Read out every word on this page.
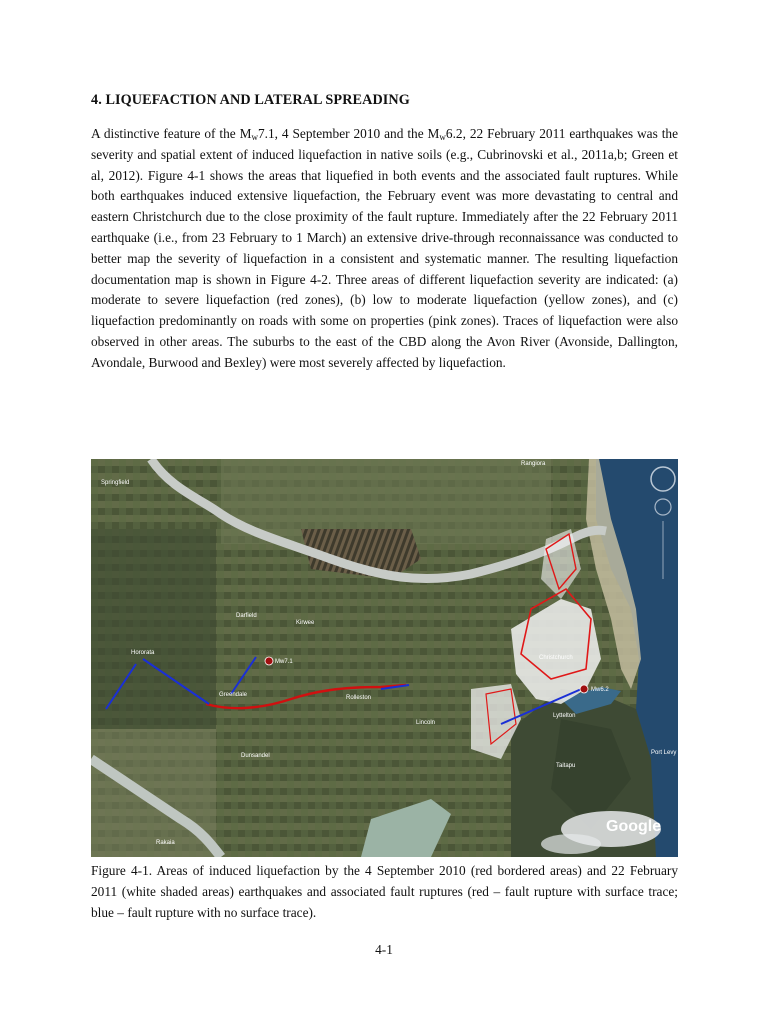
4. LIQUEFACTION AND LATERAL SPREADING

A distinctive feature of the $M_w7.1$, 4 September 2010 and the $M_w6.2$, 22 February 2011 earthquakes was the severity and spatial extent of induced liquefaction in native soils (e.g., Cubrinovski et al., 2011a,b; Green et al, 2012). Figure 4-1 shows the areas that liquefied in both events and the associated fault ruptures. While both earthquakes induced extensive liquefaction, the February event was more devastating to central and eastern Christchurch due to the close proximity of the fault rupture. Immediately after the 22 February 2011 earthquake (i.e., from 23 February to 1 March) an extensive drive-through reconnaissance was conducted to better map the severity of liquefaction in a consistent and systematic manner. The resulting liquefaction documentation map is shown in Figure 4-2. Three areas of different liquefaction severity are indicated: (a) moderate to severe liquefaction (red zones), (b) low to moderate liquefaction (yellow zones), and (c) liquefaction predominantly on roads with some on properties (pink zones). Traces of liquefaction were also observed in other areas. The suburbs to the east of the CBD along the Avon River (Avonside, Dallington, Avondale, Burwood and Bexley) were most severely affected by liquefaction.

Springfield
Rangiora
Darfield
Kirwee
Hororata
Mw7.1
Greendale	Rolleston
Christchurch
Mw6.2
Lyttelton
Dunsandel
Lincoln
Taitapu
Port Levy
Rakaia
Google

Figure 4-1. Areas of induced liquefaction by the 4 September 2010 (red bordered areas) and 22 February 2011 (white shaded areas) earthquakes and associated fault ruptures (red – fault rupture with surface trace; blue – fault rupture with no surface trace).

4-1
